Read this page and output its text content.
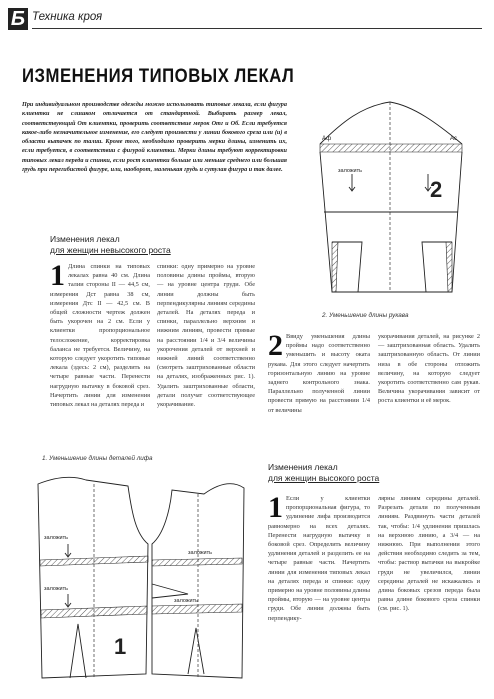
Б Техника кроя
ИЗМЕНЕНИЯ ТИПОВЫХ ЛЕКАЛ
При индивидуальном производстве одежды можно использовать типовые лекала, если фигура клиентки не слишком отличается от стандартной. Выбирать размер лекал, соответствующий От клиентки, проверить соответствие мерок Отг и Об. Если требуется какое-либо незначительное изменение, его следует произвести у линии бокового среза или (и) в области вытачек по талии. Кроме того, необходимо проверить мерки длины, изменить их, если требуется, в соответствии с фигурой клиентки. Мерки длины требуют корректировки типовых лекал переда и спинки, если рост клиентки больше или меньше среднего или большая грудь при перегибистой фигуре, или, наоборот, маленькая грудь и сутулая фигура и так далее.
Аф	Ас
заложить
2
2. Уменьшение длины рукава
Изменения лекал
для женщин невысокого роста
1 Длина спинки на типовых лекалах равна 40 см. Длина талии стороны II — 44,5 см, измерения Дст равна 38 см, измерения Дтс II — 42,5 см. В общей сложности чертеж должен быть укорочен на 2 см. Если у клиентки пропорциональное телосложение, корректировка баланса не требуется. Величину, на которую следует укоротить типовые лекала (здесь: 2 см), разделить на четыре равные части. Перенести нагрудную вытачку в боковой срез. Начертить линии для изменения типовых лекал на деталях переда и
спинки: одну примерно на уровне половины длины проймы, вторую — на уровне центра груди. Обе линии должны быть перпендикулярны линиям середины деталей. На деталях переда и спинки, параллельно верхним и нижним линиям, провести прямые на расстоянии 1/4 и 3/4 величины укорочения деталей от верхней и нижней линий соответственно (смотреть заштрихованные области на деталях, изображенных рис. 1). Удалить заштрихованные области, детали получат соответствующее укорачивание.
2 Ввиду уменьшения длины проймы надо соответственно уменьшить и высоту оката рукава. Для этого следует начертить горизонтальную линию на уровне заднего контрольного знака. Параллельно полученной линии провести прямую на расстоянии 1/4 от величины
укорачивания деталей, на рисунке 2 — заштрихованная область. Удалить заштрихованную область. От линии низа в обе стороны отложить величину, на которую следует укоротить соответственно сам рукав. Величина укорачивания зависит от роста клиентки и её мерок.
1. Уменьшение длины деталей лифа
заложить
заложить
заложить
заложить
1
Изменения лекал
для женщин высокого роста
1 Если у клиентки пропорциональная фигура, то удлинение лифа производится равномерно на всех деталях. Перенести нагрудную вытачку в боковой срез. Определить величину удлинения деталей и разделить ее на четыре равные части. Начертить линии для изменения типовых лекал на деталях переда и спинки: одну примерно на уровне половины длины проймы, вторую — на уровне центра груди. Обе линии должны быть перпендику-
лярны линиям середины деталей. Разрезать детали по полученным линиям. Раздвинуть части деталей так, чтобы: 1/4 удлинения пришлась на верхнюю линию, а 3/4 — на нижнюю. При выполнении этого действия необходимо следить за тем, чтобы: раствор вытачки на выкройке груди не увеличился, линии середины деталей не искажались и длина боковых срезов переда была равна длине бокового среза спинки (см. рис. 1).
